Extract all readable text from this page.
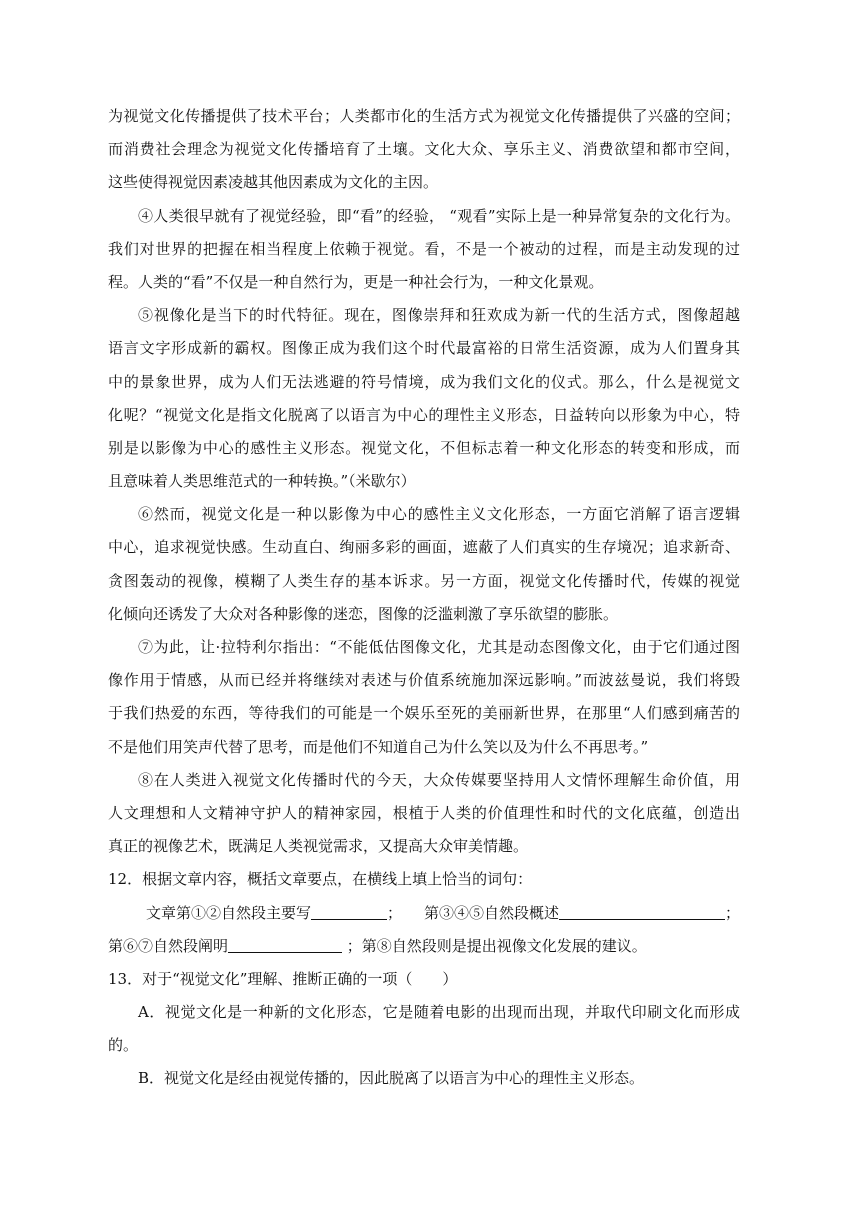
为视觉文化传播提供了技术平台；人类都市化的生活方式为视觉文化传播提供了兴盛的空间；

而消费社会理念为视觉文化传播培育了土壤。文化大众、享乐主义、消费欲望和都市空间，

这些使得视觉因素凌越其他因素成为文化的主因。

④人类很早就有了视觉经验，即“看”的经验， “观看”实际上是一种异常复杂的文化行为。

我们对世界的把握在相当程度上依赖于视觉。看，不是一个被动的过程，而是主动发现的过

程。人类的“看”不仅是一种自然行为，更是一种社会行为，一种文化景观。

⑤视像化是当下的时代特征。现在，图像崇拜和狂欢成为新一代的生活方式，图像超越

语言文字形成新的霸权。图像正成为我们这个时代最富裕的日常生活资源，成为人们置身其

中的景象世界，成为人们无法逃避的符号情境，成为我们文化的仪式。那么，什么是视觉文

化呢？“视觉文化是指文化脱离了以语言为中心的理性主义形态，日益转向以形象为中心，特

别是以影像为中心的感性主义形态。视觉文化，不但标志着一种文化形态的转变和形成，而

且意味着人类思维范式的一种转换。”（米歇尔）

⑥然而，视觉文化是一种以影像为中心的感性主义文化形态，一方面它消解了语言逻辑

中心，追求视觉快感。生动直白、绚丽多彩的画面，遮蔽了人们真实的生存境况；追求新奇、

贪图轰动的视像，模糊了人类生存的基本诉求。另一方面，视觉文化传播时代，传媒的视觉

化倾向还诱发了大众对各种影像的迷恋，图像的泛滥刺激了享乐欲望的膨胀。

⑦为此，让·拉特利尔指出：“不能低估图像文化，尤其是动态图像文化，由于它们通过图

像作用于情感，从而已经并将继续对表述与价值系统施加深远影响。”而波兹曼说，我们将毁

于我们热爱的东西，等待我们的可能是一个娱乐至死的美丽新世界，在那里“人们感到痛苦的

不是他们用笑声代替了思考，而是他们不知道自己为什么笑以及为什么不再思考。”

⑧在人类进入视觉文化传播时代的今天，大众传媒要坚持用人文情怀理解生命价值，用

人文理想和人文精神守护人的精神家园，根植于人类的价值理性和时代的文化底蕴，创造出

真正的视像艺术，既满足人类视觉需求，又提高大众审美情趣。

12．根据文章内容，概括文章要点，在横线上填上恰当的词句：

文章第①②自然段主要写	； 第③④⑤自然段概述	；

第⑥⑦自然段阐明	；第⑧自然段则是提出视像文化发展的建议。

13．对于“视觉文化”理解、推断正确的一项（　　）

A．视觉文化是一种新的文化形态，它是随着电影的出现而出现，并取代印刷文化而形成

的。

B．视觉文化是经由视觉传播的，因此脱离了以语言为中心的理性主义形态。
